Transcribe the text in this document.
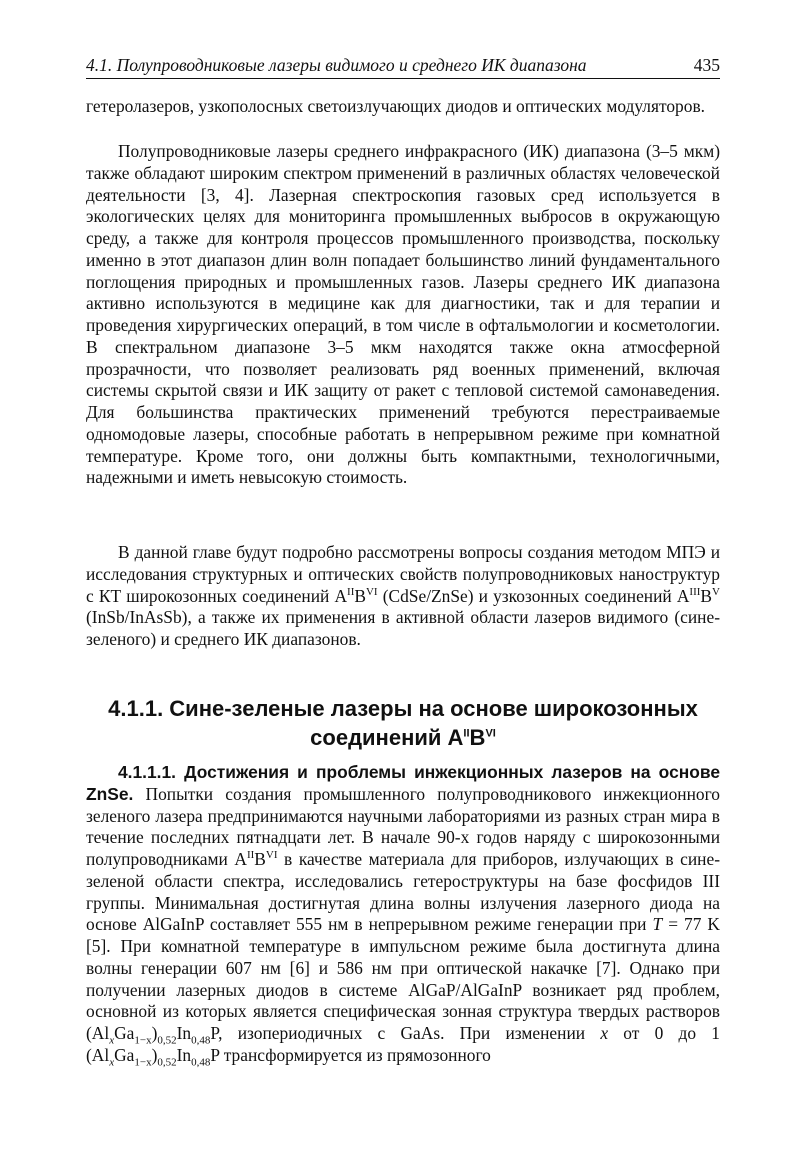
4.1. Полупроводниковые лазеры видимого и среднего ИК диапазона	435

гетеролазеров, узкополосных светоизлучающих диодов и оптических модуляторов.

Полупроводниковые лазеры среднего инфракрасного (ИК) диапазона (3–5 мкм) также обладают широким спектром применений в различных областях человеческой деятельности [3, 4]. Лазерная спектроскопия газовых сред используется в экологических целях для мониторинга промышленных выбросов в окружающую среду, а также для контроля процессов промышленного производства, поскольку именно в этот диапазон длин волн попадает большинство линий фундаментального поглощения природных и промышленных газов. Лазеры среднего ИК диапазона активно используются в медицине как для диагностики, так и для терапии и проведения хирургических операций, в том числе в офтальмологии и косметологии. В спектральном диапазоне 3–5 мкм находятся также окна атмосферной прозрачности, что позволяет реализовать ряд военных применений, включая системы скрытой связи и ИК защиту от ракет с тепловой системой самонаведения. Для большинства практических применений требуются перестраиваемые одномодовые лазеры, способные работать в непрерывном режиме при комнатной температуре. Кроме того, они должны быть компактными, технологичными, надежными и иметь невысокую стоимость.

В данной главе будут подробно рассмотрены вопросы создания методом МПЭ и исследования структурных и оптических свойств полупроводниковых наноструктур с КТ широкозонных соединений $A^{II}B^{VI}$ (CdSe/ZnSe) и узкозонных соединений $A^{III}B^V$ (InSb/InAsSb), а также их применения в активной области лазеров видимого (сине-зеленого) и среднего ИК диапазонов.

4.1.1. Сине-зеленые лазеры на основе широкозонных соединений $A^{II}B^{VI}$

4.1.1.1. Достижения и проблемы инжекционных лазеров на основе ZnSe. Попытки создания промышленного полупроводникового инжекционного зеленого лазера предпринимаются научными лабораториями из разных стран мира в течение последних пятнадцати лет. В начале 90-х годов наряду с широкозонными полупроводниками $A^{II}B^{VI}$ в качестве материала для приборов, излучающих в сине-зеленой области спектра, исследовались гетероструктуры на базе фосфидов III группы. Минимальная достигнутая длина волны излучения лазерного диода на основе AlGaInP составляет 555 нм в непрерывном режиме генерации при T = 77 K [5]. При комнатной температуре в импульсном режиме была достигнута длина волны генерации 607 нм [6] и 586 нм при оптической накачке [7]. Однако при получении лазерных диодов в системе AlGaP/AlGaInP возникает ряд проблем, основной из которых является специфическая зонная структура твердых растворов $(Al_xGa_{1-x})_{0,52}In_{0,48}P$, изопериодичных с GaAs. При изменении x от 0 до 1 $(Al_xGa_{1-x})_{0,52}In_{0,48}P$ трансформируется из прямозонного
